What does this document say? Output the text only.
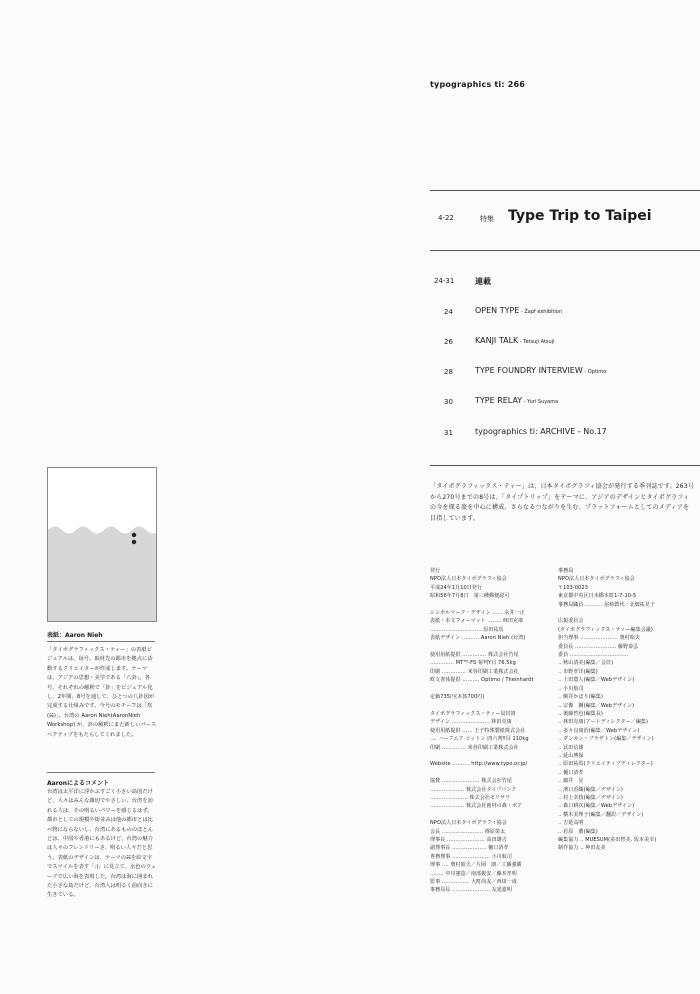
typographics ti: 266
4-22	特集 Type Trip to Taipei
24-31	連載
24	OPEN TYPE - Zapf exhibition
26	KANJI TALK - Tetsuji Atsuji
28	TYPE FOUNDRY INTERVIEW - Optimo
30	TYPE RELAY - Yuri Suyama
31	typographics ti: ARCHIVE - No.17
「タイポグラフィックス・ティー」は、日本タイポグラフィ協会が発行する季刊誌です。263号から270号までの8号は、「タイプトリップ」をテーマに、アジアのデザインとタイポグラフィの今を探る旅を中心に構成。さらなるつながりを生む、プラットフォームとしてのメディアを目指しています。
発行
NPO法人日本タイポグラフィ協会
平成24年1月10日発行
昭和56年7月8日　第三種郵便認可

シンボルマーク・デザイン ‥‥‥ 永井一正
表紙・本文フォーマット ‥‥‥‥ 林田克康
‥‥‥‥‥‥‥‥‥‥‥‥‥‥‥ 原田祐馬
表紙デザイン ‥‥‥‥‥ Aaron Nieh (台湾)

使用用紙提供 ‥‥‥‥‥‥‥ 株式会社竹尾
‥‥‥‥‥‥‥ MTᵀᴹ-FS 菊判Y目 76.5kg
印刷 ‥‥‥‥‥‥‥ 米谷印刷工業株式会社
欧文書体提供 ‥‥‥‥‥ Optimo / Theinhardt

定価735円(本体700円)

タイポグラフィックス・ティー局封筒
デザイン ‥‥‥‥‥‥‥‥‥‥‥ 林田克康
使用用紙提供 ‥‥‥ 王子特殊製紙株式会社
‥‥ ハーフエア コットン 四六判Y目 110kg
印刷 ‥‥‥‥‥‥‥ 米谷印刷工業株式会社

Website ‥‥‥‥‥ http://www.typo.or.jp/

協賛 ‥‥‥‥‥‥‥‥‥‥‥ 株式会社竹尾
‥‥‥‥‥‥‥‥‥‥ 株式会社タイプバンク
‥‥‥‥‥‥‥‥‥‥‥ 株式会社モリサワ
‥‥‥‥‥‥‥‥‥‥ 株式会社画材の森・ポア

NPO法人日本タイポグラフィ協会
会長 ‥‥‥‥‥‥‥‥‥‥‥‥ 篠原榮太
理事長 ‥‥‥‥‥‥‥‥‥‥‥ 高田雄吉
副理事長 ‥‥‥‥‥‥‥‥‥‥ 樋口清孝
専務理事 ‥‥‥‥‥‥‥‥‥‥‥ 小川航司
理事 ‥‥ 奥村昭夫／片岡　朗／工藤強勝
‥‥‥‥ 中川憲造／南部俊安／藤本孝明
監事 ‥‥‥‥‥‥‥‥ 大町尚友／西田一成
事務局長 ‥‥‥‥‥‥‥‥‥‥‥ 友延嘉明
事務局
NPO法人日本タイポグラフィ協会
〒103-0023
東京都中央区日本橋本町1-7-10-5
事務局職員 ‥‥‥‥‥ 尾崎教代／北畑祐見子

広報委員会
(タイポグラフィックス・ティー編集会議)
担当理事 ‥‥‥‥‥‥‥‥‥‥‥ 奥村昭夫
委員長 ‥‥‥‥‥‥‥‥‥‥‥‥ 藤野泰弘
委員 ‥‥‥‥‥‥‥‥‥‥‥‥‥‥‥‥‥
‥ 秋山清美(編集／会計)
‥ 市野孝洋(編集)
‥ 上田寛人(編集／Webデザイン)
‥ 小川航司
‥ 駒井かほり(編集)
‥ 宗像　鋼(編集／Webデザイン)
‥ 後藤哲也(編集長)
‥ 林田克康(アートディレクター／編集)
‥ 多々良康治(編集／Webデザイン)
‥ ダンカン・ブラザトン(編集／デザイン)
‥ 冨田信雄
‥ 延山博保
‥ 原田祐馬(クリエイティブディレクター)
‥ 樋口清孝
‥ 細井　晃
‥ 濱口香織(編集／デザイン)
‥ 村上幸枝(編集／デザイン)
‥ 森口耕次(編集／Webデザイン)
‥ 横木美理子(編集／翻訳／デザイン)
‥ 吉延高明
‥ 若原　薫(編集)
編集協力 ‥ MUESUM(多田智美, 坂本美幸)
制作協力 ‥ 神田友美
表紙：Aaron Nieh
「タイポグラフィックス・ティー」の表紙ビジュアルは、毎号、取材先の都市を拠点に活動するクリエイターが作成します。テーマは、アジアの思想・美学である「八卦」。各号、それぞれの解釈で「卦」をビジュアル化し、2年間、8号を通して、ひとつの八卦図が完成する仕組みです。今号のモチーフは「坎(☵)」。台湾の Aaron Nieh(AaronNieh Workshop) が、卦の解釈にまた新しいパースペクティブをもたらしてくれました。
Aaronによるコメント
台湾は太平洋に浮かぶすごく小さい島国だけど、人々はみんな親切でやさしい。台湾を訪れる人は、その明るいパワーを感じるはず。都市としての規模や街並みは他の都市とは比べ物にならないし、台湾にあるもののほとんどは、中国や香港にもあるけど、台湾の魅力は人々のフレンドリーさ、明るい人々だと思う。表紙のデザインは、テーマの☵を絵文字でスマイルを表す「:)」に見立て、水色のウェーブで広い海を表現した。台湾は海に囲まれた小さな島だけど、台湾人は明るく前向きに生きている。
